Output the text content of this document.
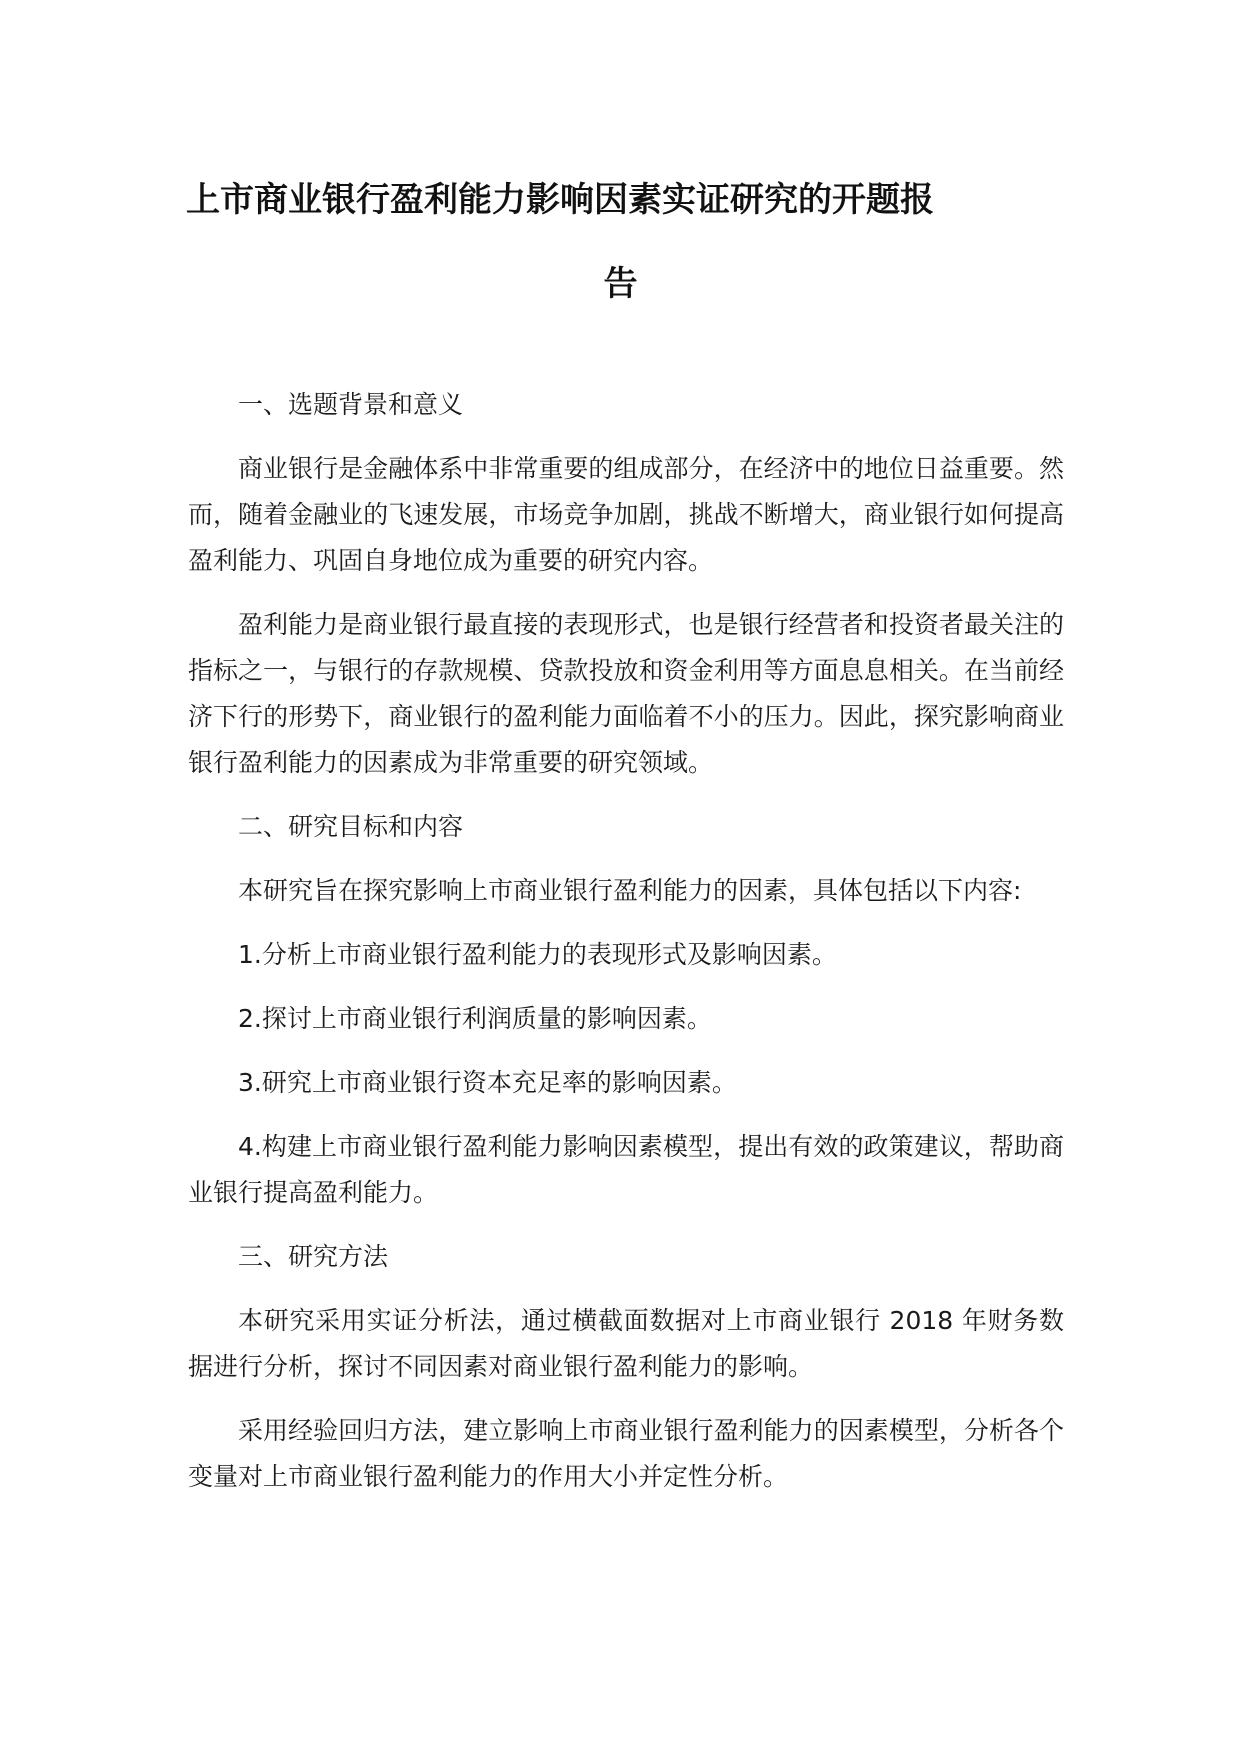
上市商业银行盈利能力影响因素实证研究的开题报
告

一、选题背景和意义

商业银行是金融体系中非常重要的组成部分，在经济中的地位日益重要。然而，随着金融业的飞速发展，市场竞争加剧，挑战不断增大，商业银行如何提高盈利能力、巩固自身地位成为重要的研究内容。

盈利能力是商业银行最直接的表现形式，也是银行经营者和投资者最关注的指标之一，与银行的存款规模、贷款投放和资金利用等方面息息相关。在当前经济下行的形势下，商业银行的盈利能力面临着不小的压力。因此，探究影响商业银行盈利能力的因素成为非常重要的研究领域。

二、研究目标和内容

本研究旨在探究影响上市商业银行盈利能力的因素，具体包括以下内容:

1.分析上市商业银行盈利能力的表现形式及影响因素。

2.探讨上市商业银行利润质量的影响因素。

3.研究上市商业银行资本充足率的影响因素。

4.构建上市商业银行盈利能力影响因素模型，提出有效的政策建议，帮助商业银行提高盈利能力。

三、研究方法

本研究采用实证分析法，通过横截面数据对上市商业银行 2018 年财务数据进行分析，探讨不同因素对商业银行盈利能力的影响。

采用经验回归方法，建立影响上市商业银行盈利能力的因素模型，分析各个变量对上市商业银行盈利能力的作用大小并定性分析。
